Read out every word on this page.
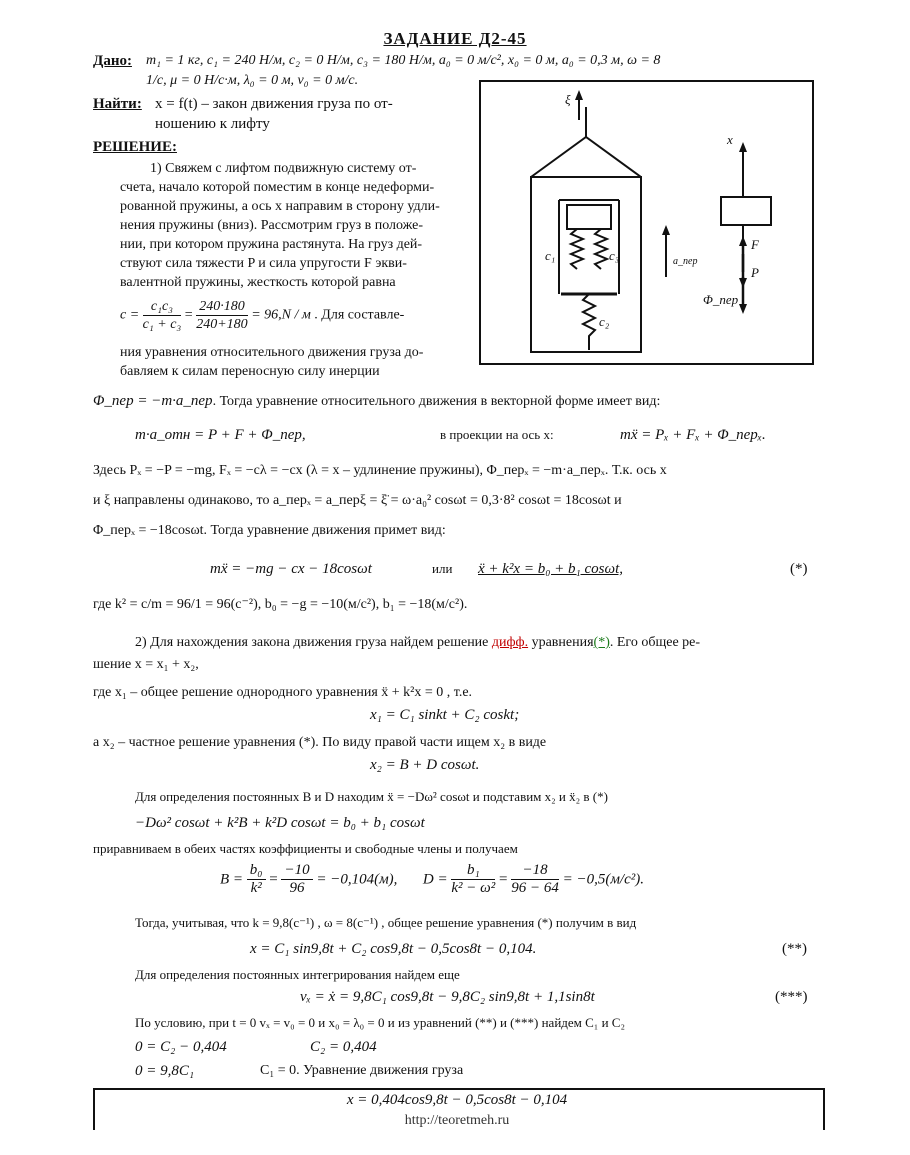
ЗАДАНИЕ Д2-45
Дано: m₁ = 1 кг, c₁ = 240 Н/м, c₂ = 0 Н/м, c₃ = 180 Н/м, a₀ = 0 м/с², x₀ = 0 м, a₀ = 0,3 м, ω = 8
1/с, μ = 0 Н/с·м, λ₀ = 0 м, v₀ = 0 м/с.
Найти: x = f(t) – закон движения груза по от-
ношению к лифту
РЕШЕНИЕ:
1) Свяжем с лифтом подвижную систему от-
счета, начало которой поместим в конце недеформи-
рованной пружины, а ось x направим в сторону удли-
нения пружины (вниз). Рассмотрим груз в положе-
нии, при котором пружина растянута. На груз дей-
ствуют сила тяжести P и сила упругости F экви-
валентной пружины, жесткость которой равна
$c = \frac{\text{c₁c₃}}{\text{c₁ + c₃}} = \frac{240\cdot 180}{240+180} = 96,N / м$ . Для составле-
ния уравнения относительного движения груза до-
бавляем к силам переносную силу инерции
ξ
x
c₁	c₃
c₂
a_пер
F
P
Φ_пер
Φ_пер = −m·a_пер. Тогда уравнение относительного движения в векторной форме имеет вид:
m·a_отн = P + F + Φ_пер,	в проекции на ось x:	mẍ = Pₓ + Fₓ + Φ_перₓ.
Здесь Pₓ = −P = −mg, Fₓ = −cλ = −cx (λ = x – удлинение пружины), Φ_перₓ = −m·a_перₓ. Т.к. ось x
и ξ направлены одинаково, то a_перₓ = a_перξ = ξ̈ = ω·a₀² cosωt = 0,3·8² cosωt = 18cosωt и
Φ_перₓ = −18cosωt. Тогда уравнение движения примет вид:
mẍ = −mg − cx − 18cosωt	или ẍ + k²x = b₀ + b₁ cosωt,	(*)
где k² = c/m = 96/1 = 96(с⁻²), b₀ = −g = −10(м/с²), b₁ = −18(м/с²).
2) Для нахождения закона движения груза найдем решение дифф. уравнения(*). Его общее ре-
шение x = x₁ + x₂,
где x₁ – общее решение однородного уравнения ẍ + k²x = 0 , т.е.
x₁ = C₁ sinkt + C₂ coskt;
а x₂ – частное решение уравнения (*). По виду правой части ищем x₂ в виде
x₂ = B + D cosωt.
Для определения постоянных B и D находим ẍ = −Dω² cosωt и подставим x₂ и ẍ₂ в (*)
−Dω² cosωt + k²B + k²D cosωt = b₀ + b₁ cosωt
приравниваем в обеих частях коэффициенты и свободные члены и получаем
$B = \frac{\text{b₀}}{\text{k²}} = \frac{-10}{96} = -0,104(м)$, $D = \frac{\text{b₁}}{\text{k² − ω²}} = \frac{-18}{96 - 64} = -0,5(м/с^2)$.
Тогда, учитывая, что k = 9,8(с⁻¹) , ω = 8(с⁻¹) , общее решение уравнения (*) получим в вид
x = C₁ sin9,8t + C₂ cos9,8t − 0,5cos8t − 0,104.	(**)
Для определения постоянных интегрирования найдем еще
vₓ = ẋ = 9,8C₁ cos9,8t − 9,8C₂ sin9,8t + 1,1sin8t	(***)
По условию, при t = 0 vₓ = v₀ = 0 и x₀ = λ₀ = 0 и из уравнений (**) и (***) найдем C₁ и C₂
0 = C₂ − 0,404	C₂ = 0,404
0 = 9,8C₁	C₁ = 0. Уравнение движения груза
x = 0,404cos9,8t − 0,5cos8t − 0,104
http://teoretmeh.ru
